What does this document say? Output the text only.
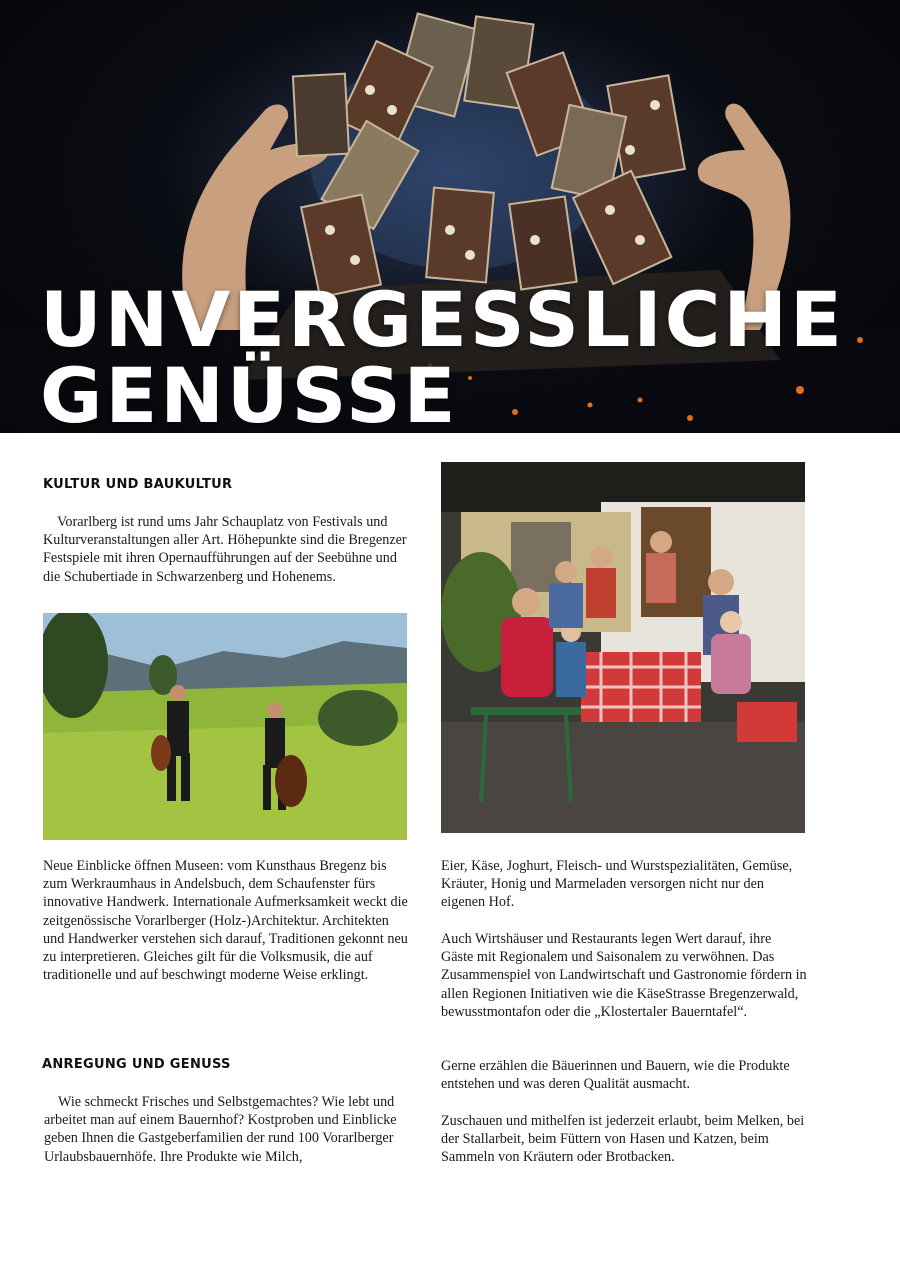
UNVERGESSLICHE
GENÜSSE
KULTUR UND BAUKULTUR

Vorarlberg ist rund ums Jahr Schauplatz von Festivals und Kulturveranstaltungen aller Art. Höhepunkte sind die Bregenzer Festspiele mit ihren Opernaufführungen auf der Seebühne und die Schubertiade in Schwarzenberg und Hohenems.

Neue Einblicke öffnen Museen: vom Kunsthaus Bregenz bis zum Werkraumhaus in Andelsbuch, dem Schaufenster fürs innovative Handwerk. Internationale Aufmerksamkeit weckt die zeitgenössische Vorarlberger (Holz-)Architektur. Architekten und Handwerker verstehen sich darauf, Traditionen gekonnt neu zu interpretieren. Gleiches gilt für die Volksmusik, die auf traditionelle und auf beschwingt moderne Weise erklingt.

ANREGUNG UND GENUSS

Wie schmeckt Frisches und Selbstgemachtes? Wie lebt und arbeitet man auf einem Bauernhof? Kostproben und Einblicke geben Ihnen die Gastgeberfamilien der rund 100 Vorarlberger Urlaubsbauernhöfe. Ihre Produkte wie Milch,

Eier, Käse, Joghurt, Fleisch- und Wurstspezialitäten, Gemüse, Kräuter, Honig und Marmeladen versorgen nicht nur den eigenen Hof.

Auch Wirtshäuser und Restaurants legen Wert darauf, ihre Gäste mit Regionalem und Saisonalem zu verwöhnen. Das Zusammenspiel von Landwirtschaft und Gastronomie fördern in allen Regionen Initiativen wie die KäseStrasse Bregenzerwald, bewusstmontafon oder die „Klostertaler Bauerntafel“.

Gerne erzählen die Bäuerinnen und Bauern, wie die Produkte entstehen und was deren Qualität ausmacht.

Zuschauen und mithelfen ist jederzeit erlaubt, beim Melken, bei der Stallarbeit, beim Füttern von Hasen und Katzen, beim Sammeln von Kräutern oder Brotbacken.
